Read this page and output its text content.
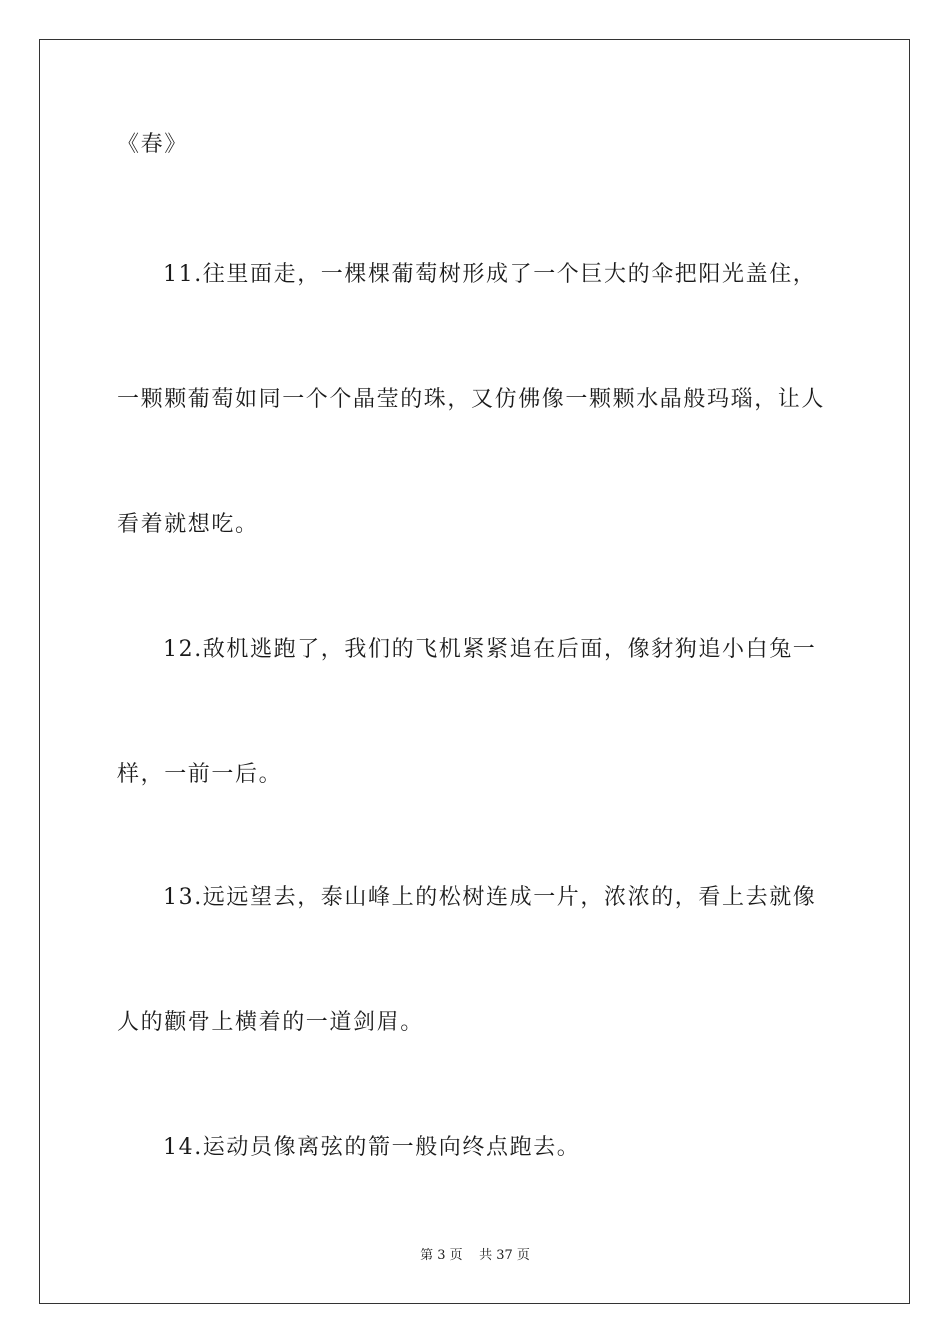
《春》
11.往里面走，一棵棵葡萄树形成了一个巨大的伞把阳光盖住，
一颗颗葡萄如同一个个晶莹的珠，又仿佛像一颗颗水晶般玛瑙，让人
看着就想吃。
12.敌机逃跑了，我们的飞机紧紧追在后面，像豺狗追小白兔一
样，一前一后。
13.远远望去，泰山峰上的松树连成一片，浓浓的，看上去就像
人的颧骨上横着的一道剑眉。
14.运动员像离弦的箭一般向终点跑去。
第 3 页    共 37 页
